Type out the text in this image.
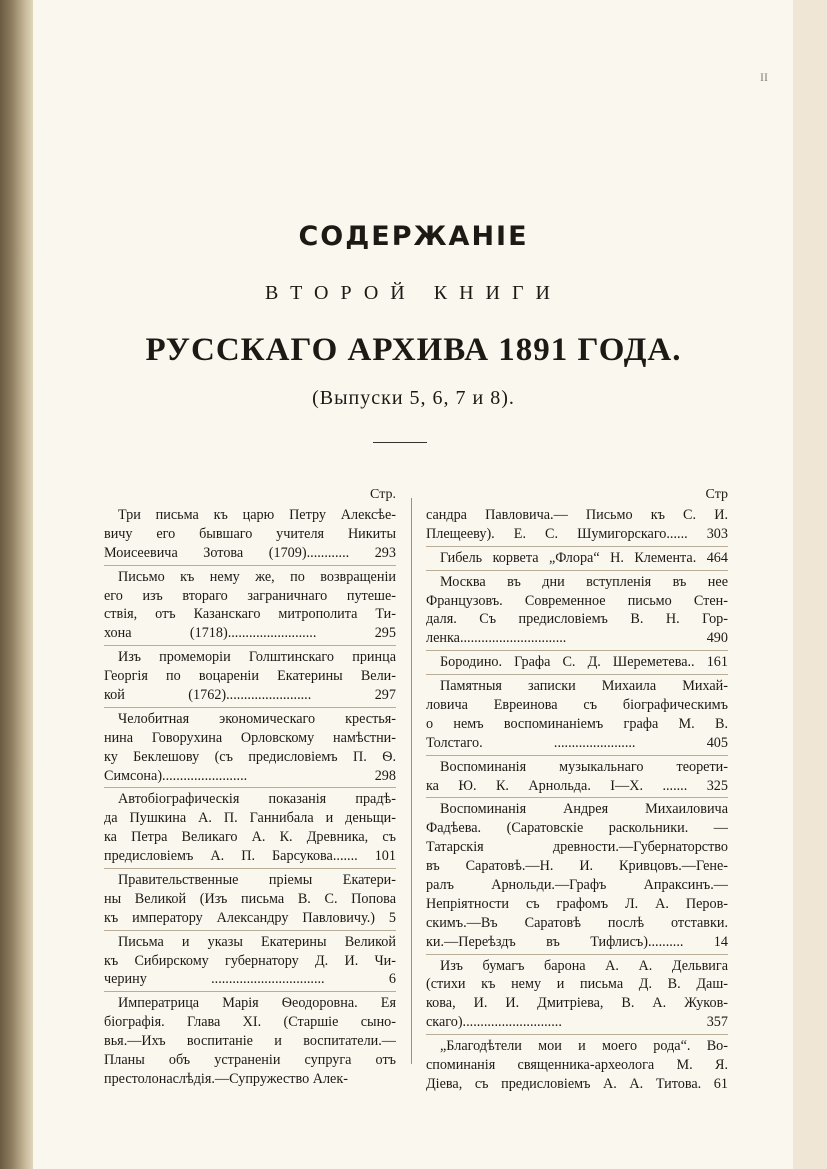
II
СОДЕРЖАНІЕ
ВТОРОЙ КНИГИ
РУССКАГО АРХИВА 1891 ГОДА.
(Выпуски 5, 6, 7 и 8).
Стр.
Три письма къ царю Петру Алексѣе-
вичу его бывшаго учителя Никиты
Моисеевича Зотова (1709)............ 293
Письмо къ нему же, по возвращеніи
его изъ втораго заграничнаго путеше-
ствія, отъ Казанскаго митрополита Ти-
хона (1718)......................... 295
Изъ промеморіи Голштинскаго принца
Георгія по воцареніи Екатерины Вели-
кой (1762)........................ 297
Челобитная экономическаго крестья-
нина Говорухина Орловскому намѣстни-
ку Беклешову (съ предисловіемъ П. Ѳ.
Симсона)........................ 298
Автобіографическія показанія прадѣ-
да Пушкина А. П. Ганнибала и деньщи-
ка Петра Великаго А. К. Древника, съ
предисловіемъ А. П. Барсукова....... 101
Правительственные пріемы Екатери-
ны Великой (Изъ письма В. С. Попова
къ императору Александру Павловичу.) 5
Письма и указы Екатерины Великой
къ Сибирскому губернатору Д. И. Чи-
черину ................................ 6
Императрица Марія Ѳеодоровна. Ея
біографія. Глава XI. (Старшіе сыно-
вья.—Ихъ воспитаніе и воспитатели.—
Планы объ устраненіи супруга отъ
престолонаслѣдія.—Супружество Алек-
Стр
сандра Павловича.— Письмо къ С. И.
Плещееву). Е. С. Шумигорскаго...... 303
Гибель корвета „Флора“ Н. Клемента. 464
Москва въ дни вступленія въ нее
Французовъ. Современное письмо Стен-
даля. Съ предисловіемъ В. Н. Гор-
ленка.............................. 490
Бородино. Графа С. Д. Шереметева.. 161
Памятныя записки Михаила Михай-
ловича Евреинова съ біографическимъ
о немъ воспоминаніемъ графа М. В.
Толстаго. ....................... 405
Воспоминанія музыкальнаго теорети-
ка Ю. К. Арнольда. I—X. ....... 325
Воспоминанія Андрея Михаиловича
Фадѣева. (Саратовскіе раскольники. —
Татарскія древности.—Губернаторство
въ Саратовѣ.—Н. И. Кривцовъ.—Гене-
ралъ Арнольди.—Графъ Апраксинъ.—
Непріятности съ графомъ Л. А. Перов-
скимъ.—Въ Саратовѣ послѣ отставки.
ки.—Переѣздъ въ Тифлисъ).......... 14
Изъ бумагъ барона А. А. Дельвига
(стихи къ нему и письма Д. В. Даш-
кова, И. И. Дмитріева, В. А. Жуков-
скаго)............................ 357
„Благодѣтели мои и моего рода“. Во-
споминанія священника-археолога М. Я.
Діева, съ предисловіемъ А. А. Титова. 61
